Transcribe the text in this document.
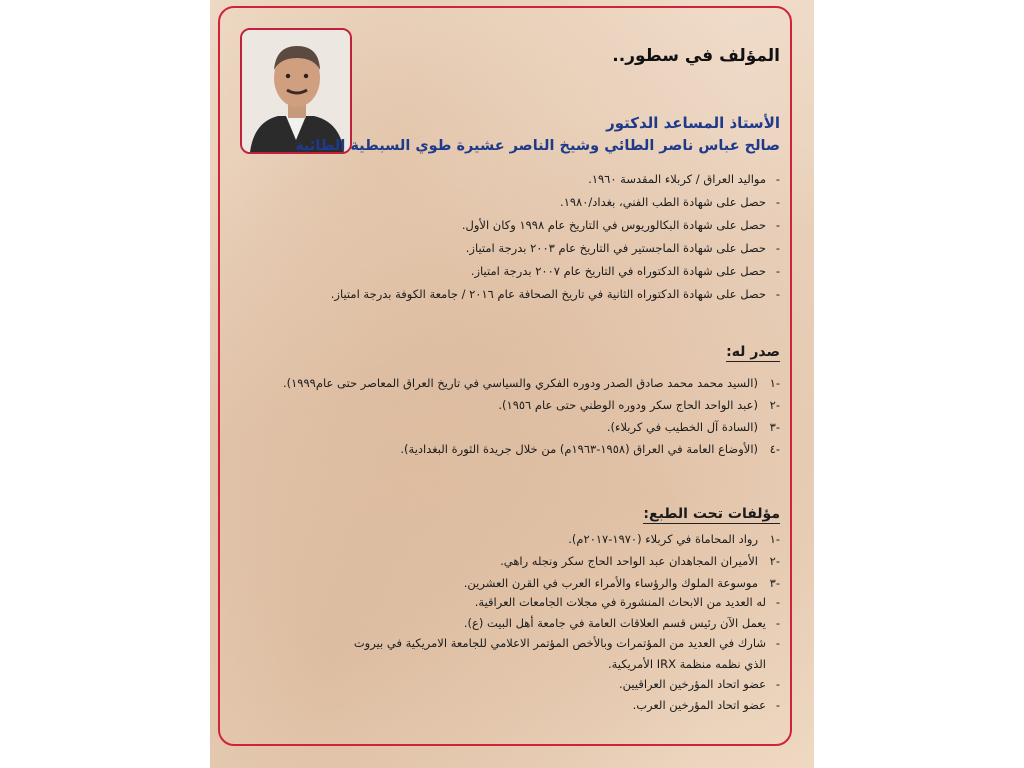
المؤلف في سطور..
الأستاذ المساعد الدكتور
صالح عباس ناصر الطائي وشيخ الناصر عشيرة طوي السبطية الطائية
- مواليد العراق / كربلاء المقدسة ١٩٦٠.
- حصل على شهادة الطب الفني، بغداد/١٩٨٠.
- حصل على شهادة البكالوريوس في التاريخ عام ١٩٩٨ وكان الأول.
- حصل على شهادة الماجستير في التاريخ عام ٢٠٠٣ بدرجة امتياز.
- حصل على شهادة الدكتوراه في التاريخ عام ٢٠٠٧ بدرجة امتياز.
- حصل على شهادة الدكتوراه الثانية في تاريخ الصحافة عام ٢٠١٦ / جامعة الكوفة بدرجة امتياز.
صدر له:
-١
(السيد محمد محمد صادق الصدر ودوره الفكري والسياسي في تاريخ العراق المعاصر حتى عام١٩٩٩).
-٢
(عبد الواحد الحاج سكر ودوره الوطني حتى عام ١٩٥٦).
-٣
(السادة آل الخطيب في كربلاء).
-٤
(الأوضاع العامة في العراق (١٩٥٨-١٩٦٣م) من خلال جريدة الثورة البغدادية).
مؤلفات تحت الطبع:
-١
رواد المحاماة في كربلاء (١٩٧٠-٢٠١٧م).
-٢
الأميران المجاهدان عبد الواحد الحاج سكر ونجله راهي.
-٣
موسوعة الملوك والرؤساء والأمراء العرب في القرن العشرين.
- له العديد من الابحاث المنشورة في مجلات الجامعات العراقية.
- يعمل الآن رئيس قسم العلاقات العامة في جامعة أهل البيت (ع).
- شارك في العديد من المؤتمرات وبالأخص المؤتمر الاعلامي للجامعة الامريكية في بيروت
الذي نظمه منظمة IRX الأمريكية.
- عضو اتحاد المؤرخين العراقيين.
- عضو اتحاد المؤرخين العرب.
